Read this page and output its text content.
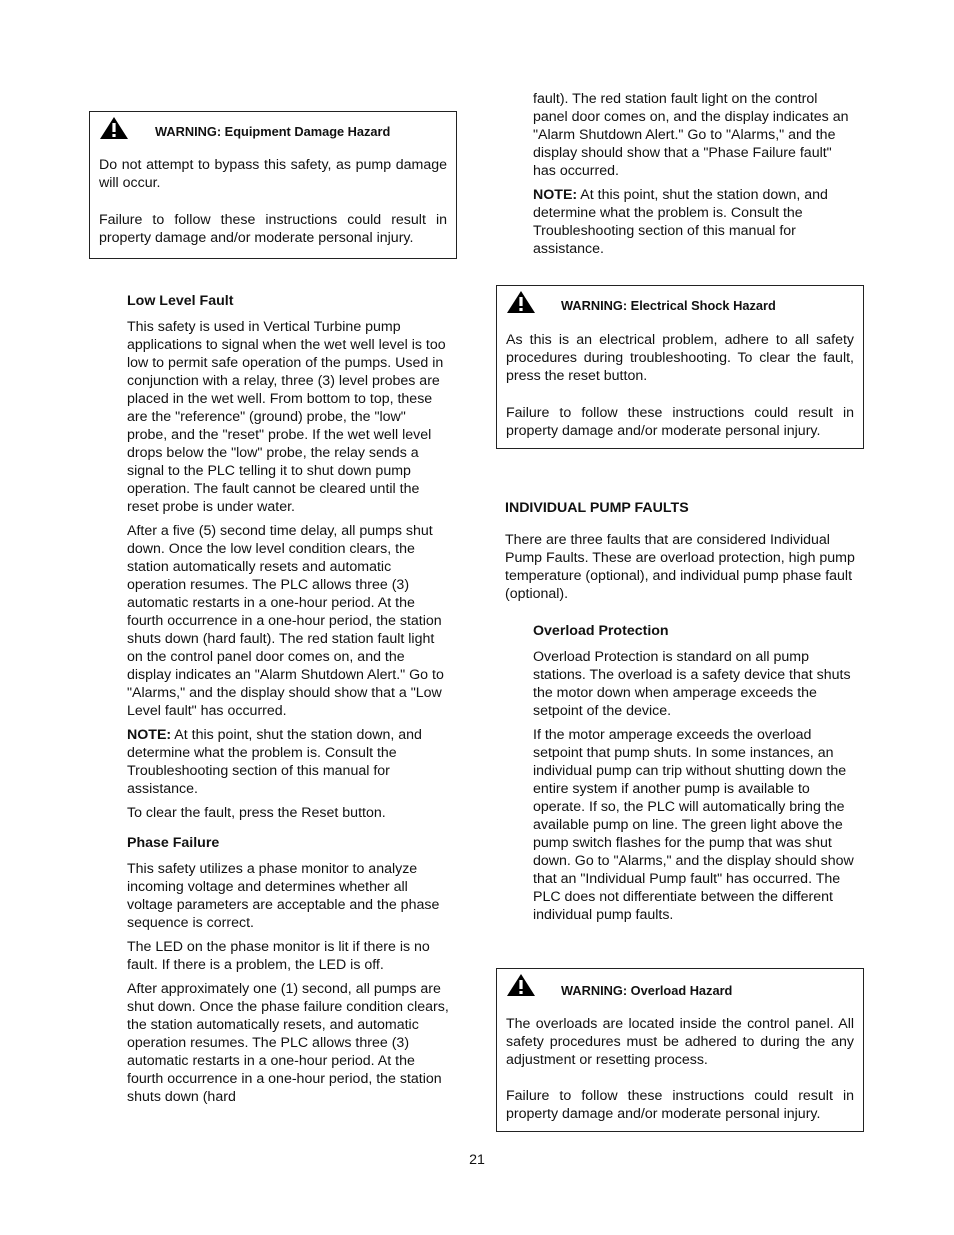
WARNING: Equipment Damage Hazard

Do not attempt to bypass this safety, as pump damage will occur.

Failure to follow these instructions could result in property damage and/or moderate personal injury.

Low Level Fault

This safety is used in Vertical Turbine pump applications to signal when the wet well level is too low to permit safe operation of the pumps. Used in conjunction with a relay, three (3) level probes are placed in the wet well. From bottom to top, these are the "reference" (ground) probe, the "low" probe, and the "reset" probe. If the wet well level drops below the "low" probe, the relay sends a signal to the PLC telling it to shut down pump operation. The fault cannot be cleared until the reset probe is under water.

After a five (5) second time delay, all pumps shut down. Once the low level condition clears, the station automatically resets and automatic operation resumes. The PLC allows three (3) automatic restarts in a one-hour period. At the fourth occurrence in a one-hour period, the station shuts down (hard fault). The red station fault light on the control panel door comes on, and the display indicates an "Alarm Shutdown Alert." Go to "Alarms," and the display should show that a "Low Level fault" has occurred.

NOTE: At this point, shut the station down, and determine what the problem is. Consult the Troubleshooting section of this manual for assistance.

To clear the fault, press the Reset button.

Phase Failure

This safety utilizes a phase monitor to analyze incoming voltage and determines whether all voltage parameters are acceptable and the phase sequence is correct.

The LED on the phase monitor is lit if there is no fault. If there is a problem, the LED is off.

After approximately one (1) second, all pumps are shut down. Once the phase failure condition clears, the station automatically resets, and automatic operation resumes. The PLC allows three (3) automatic restarts in a one-hour period. At the fourth occurrence in a one-hour period, the station shuts down (hard

fault). The red station fault light on the control panel door comes on, and the display indicates an "Alarm Shutdown Alert." Go to "Alarms," and the display should show that a "Phase Failure fault" has occurred.

NOTE: At this point, shut the station down, and determine what the problem is. Consult the Troubleshooting section of this manual for assistance.

WARNING: Electrical Shock Hazard

As this is an electrical problem, adhere to all safety procedures during troubleshooting. To clear the fault, press the reset button.

Failure to follow these instructions could result in property damage and/or moderate personal injury.

INDIVIDUAL PUMP FAULTS

There are three faults that are considered Individual Pump Faults. These are overload protection, high pump temperature (optional), and individual pump phase fault (optional).

Overload Protection

Overload Protection is standard on all pump stations. The overload is a safety device that shuts the motor down when amperage exceeds the setpoint of the device.

If the motor amperage exceeds the overload setpoint that pump shuts. In some instances, an individual pump can trip without shutting down the entire system if another pump is available to operate. If so, the PLC will automatically bring the available pump on line. The green light above the pump switch flashes for the pump that was shut down. Go to "Alarms," and the display should show that an "Individual Pump fault" has occurred. The PLC does not differentiate between the different individual pump faults.

WARNING: Overload Hazard

The overloads are located inside the control panel. All safety procedures must be adhered to during the any adjustment or resetting process.

Failure to follow these instructions could result in property damage and/or moderate personal injury.

21
